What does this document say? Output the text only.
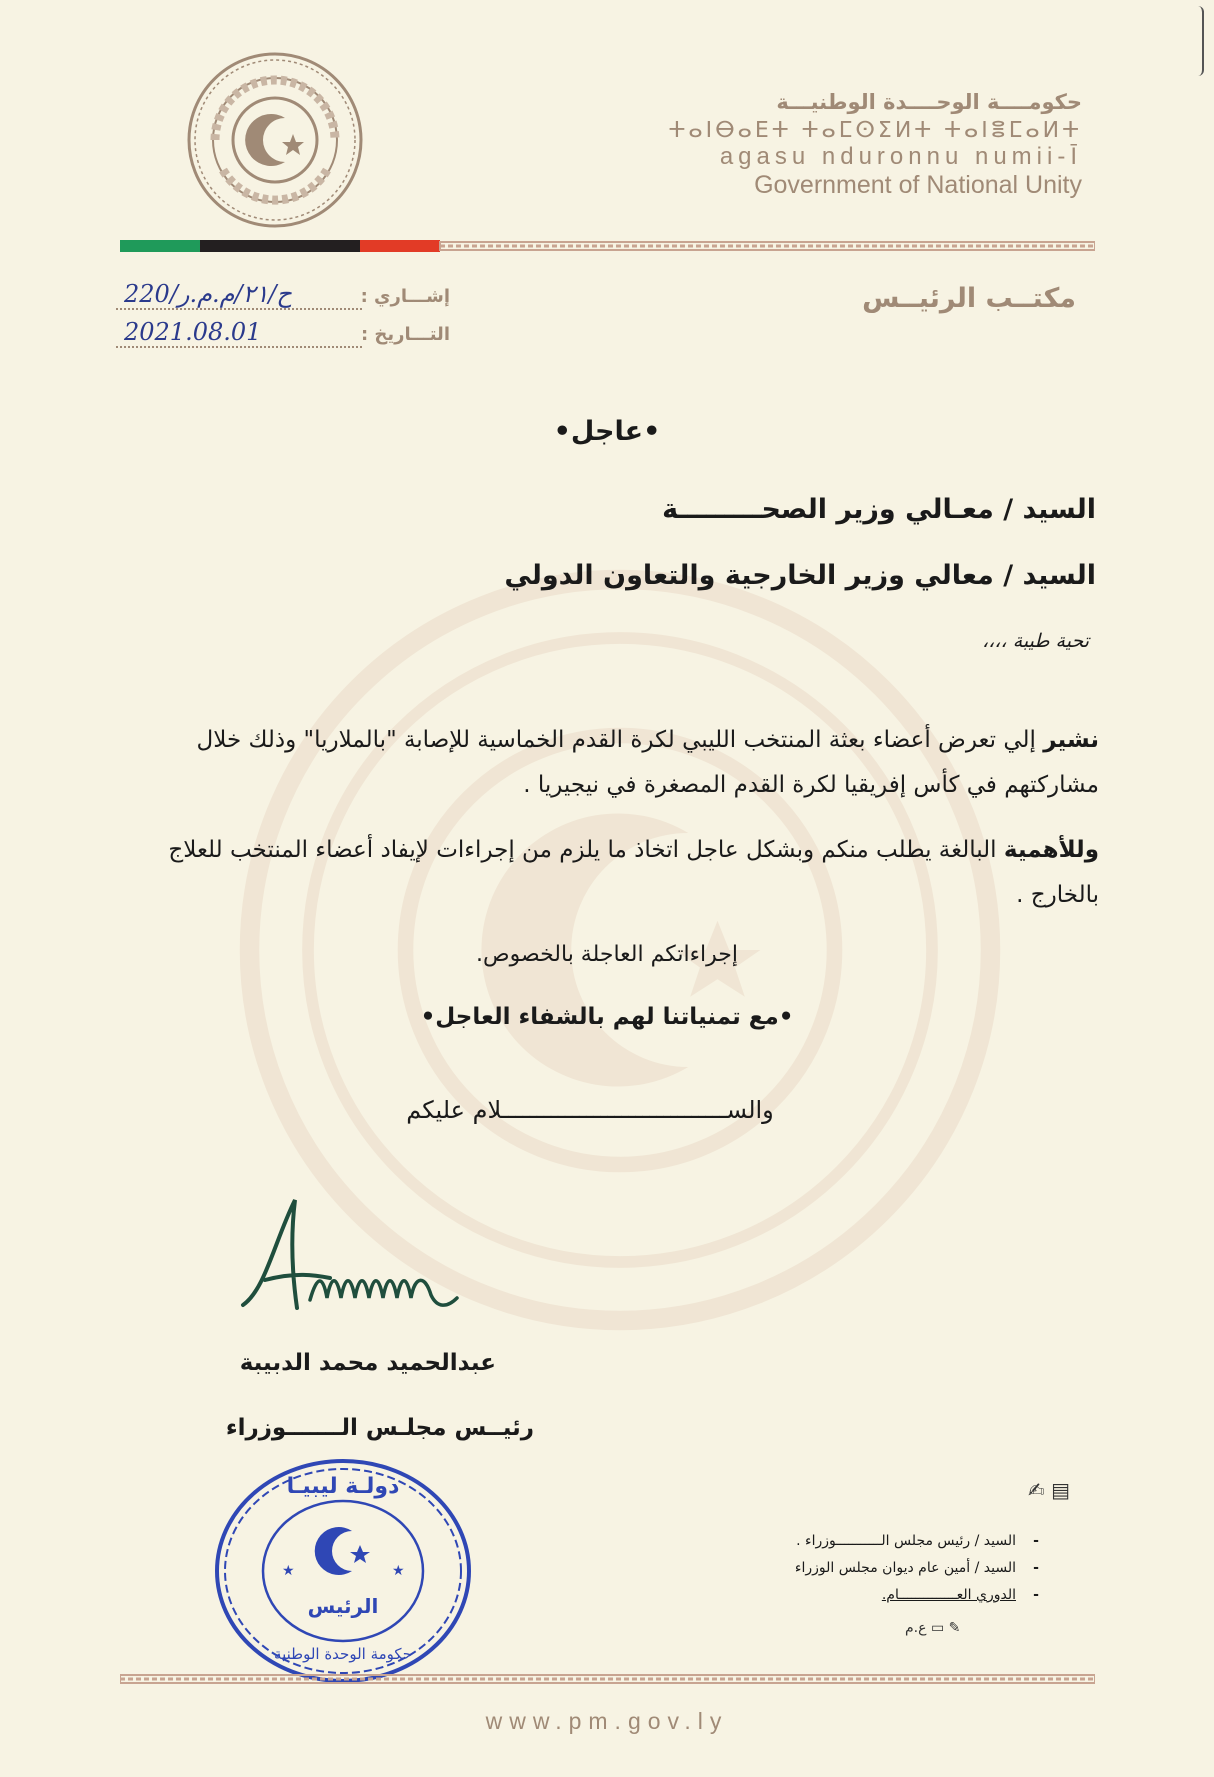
حكومــــة الوحــــدة الوطنيـــة
ⵜⴰⵏⴱⴰⴹⵜ ⵜⴰⵎⵙⵉⵍⵜ ⵜⴰⵏⴻⵎⴰⵍⵜ
agasu nduronnu numii-Ī
Government of National Unity
مكتــب الرئيــس
إشـــاري :
ح/٢١/م.م.ر/220
التـــاريخ :
2021.08.01
•عاجل•
السيد / معـالي وزير الصحـــــــــة
السيد / معالي وزير الخارجية والتعاون الدولي
تحية طيبة ،،،،
نشير إلي تعرض أعضاء بعثة المنتخب الليبي لكرة القدم الخماسية للإصابة "بالملاريا" وذلك خلال مشاركتهم في كأس إفريقيا لكرة القدم المصغرة في نيجيريا .
وللأهمية البالغة يطلب منكم وبشكل عاجل اتخاذ ما يلزم من إجراءات لإيفاد أعضاء المنتخب للعلاج بالخارج .
إجراءاتكم العاجلة بالخصوص.
•مع تمنياتنا لهم بالشفاء العاجل•
والســــــــــــــــــــــــــــــــلام عليكم
عبدالحميد محمد الدبيبة
رئيــس مجلـس الـــــــوزراء
★	★
دولـة ليبيـا
الرئيس
حكومة الوحدة الوطنية
✍ ▤
-السيد / رئيس مجلس الـــــــــــوزراء .
-السيد / أمين عام ديوان مجلس الوزراء
-الدوري العــــــــــــــام.
✎ ▭ ع.م
www.pm.gov.ly
